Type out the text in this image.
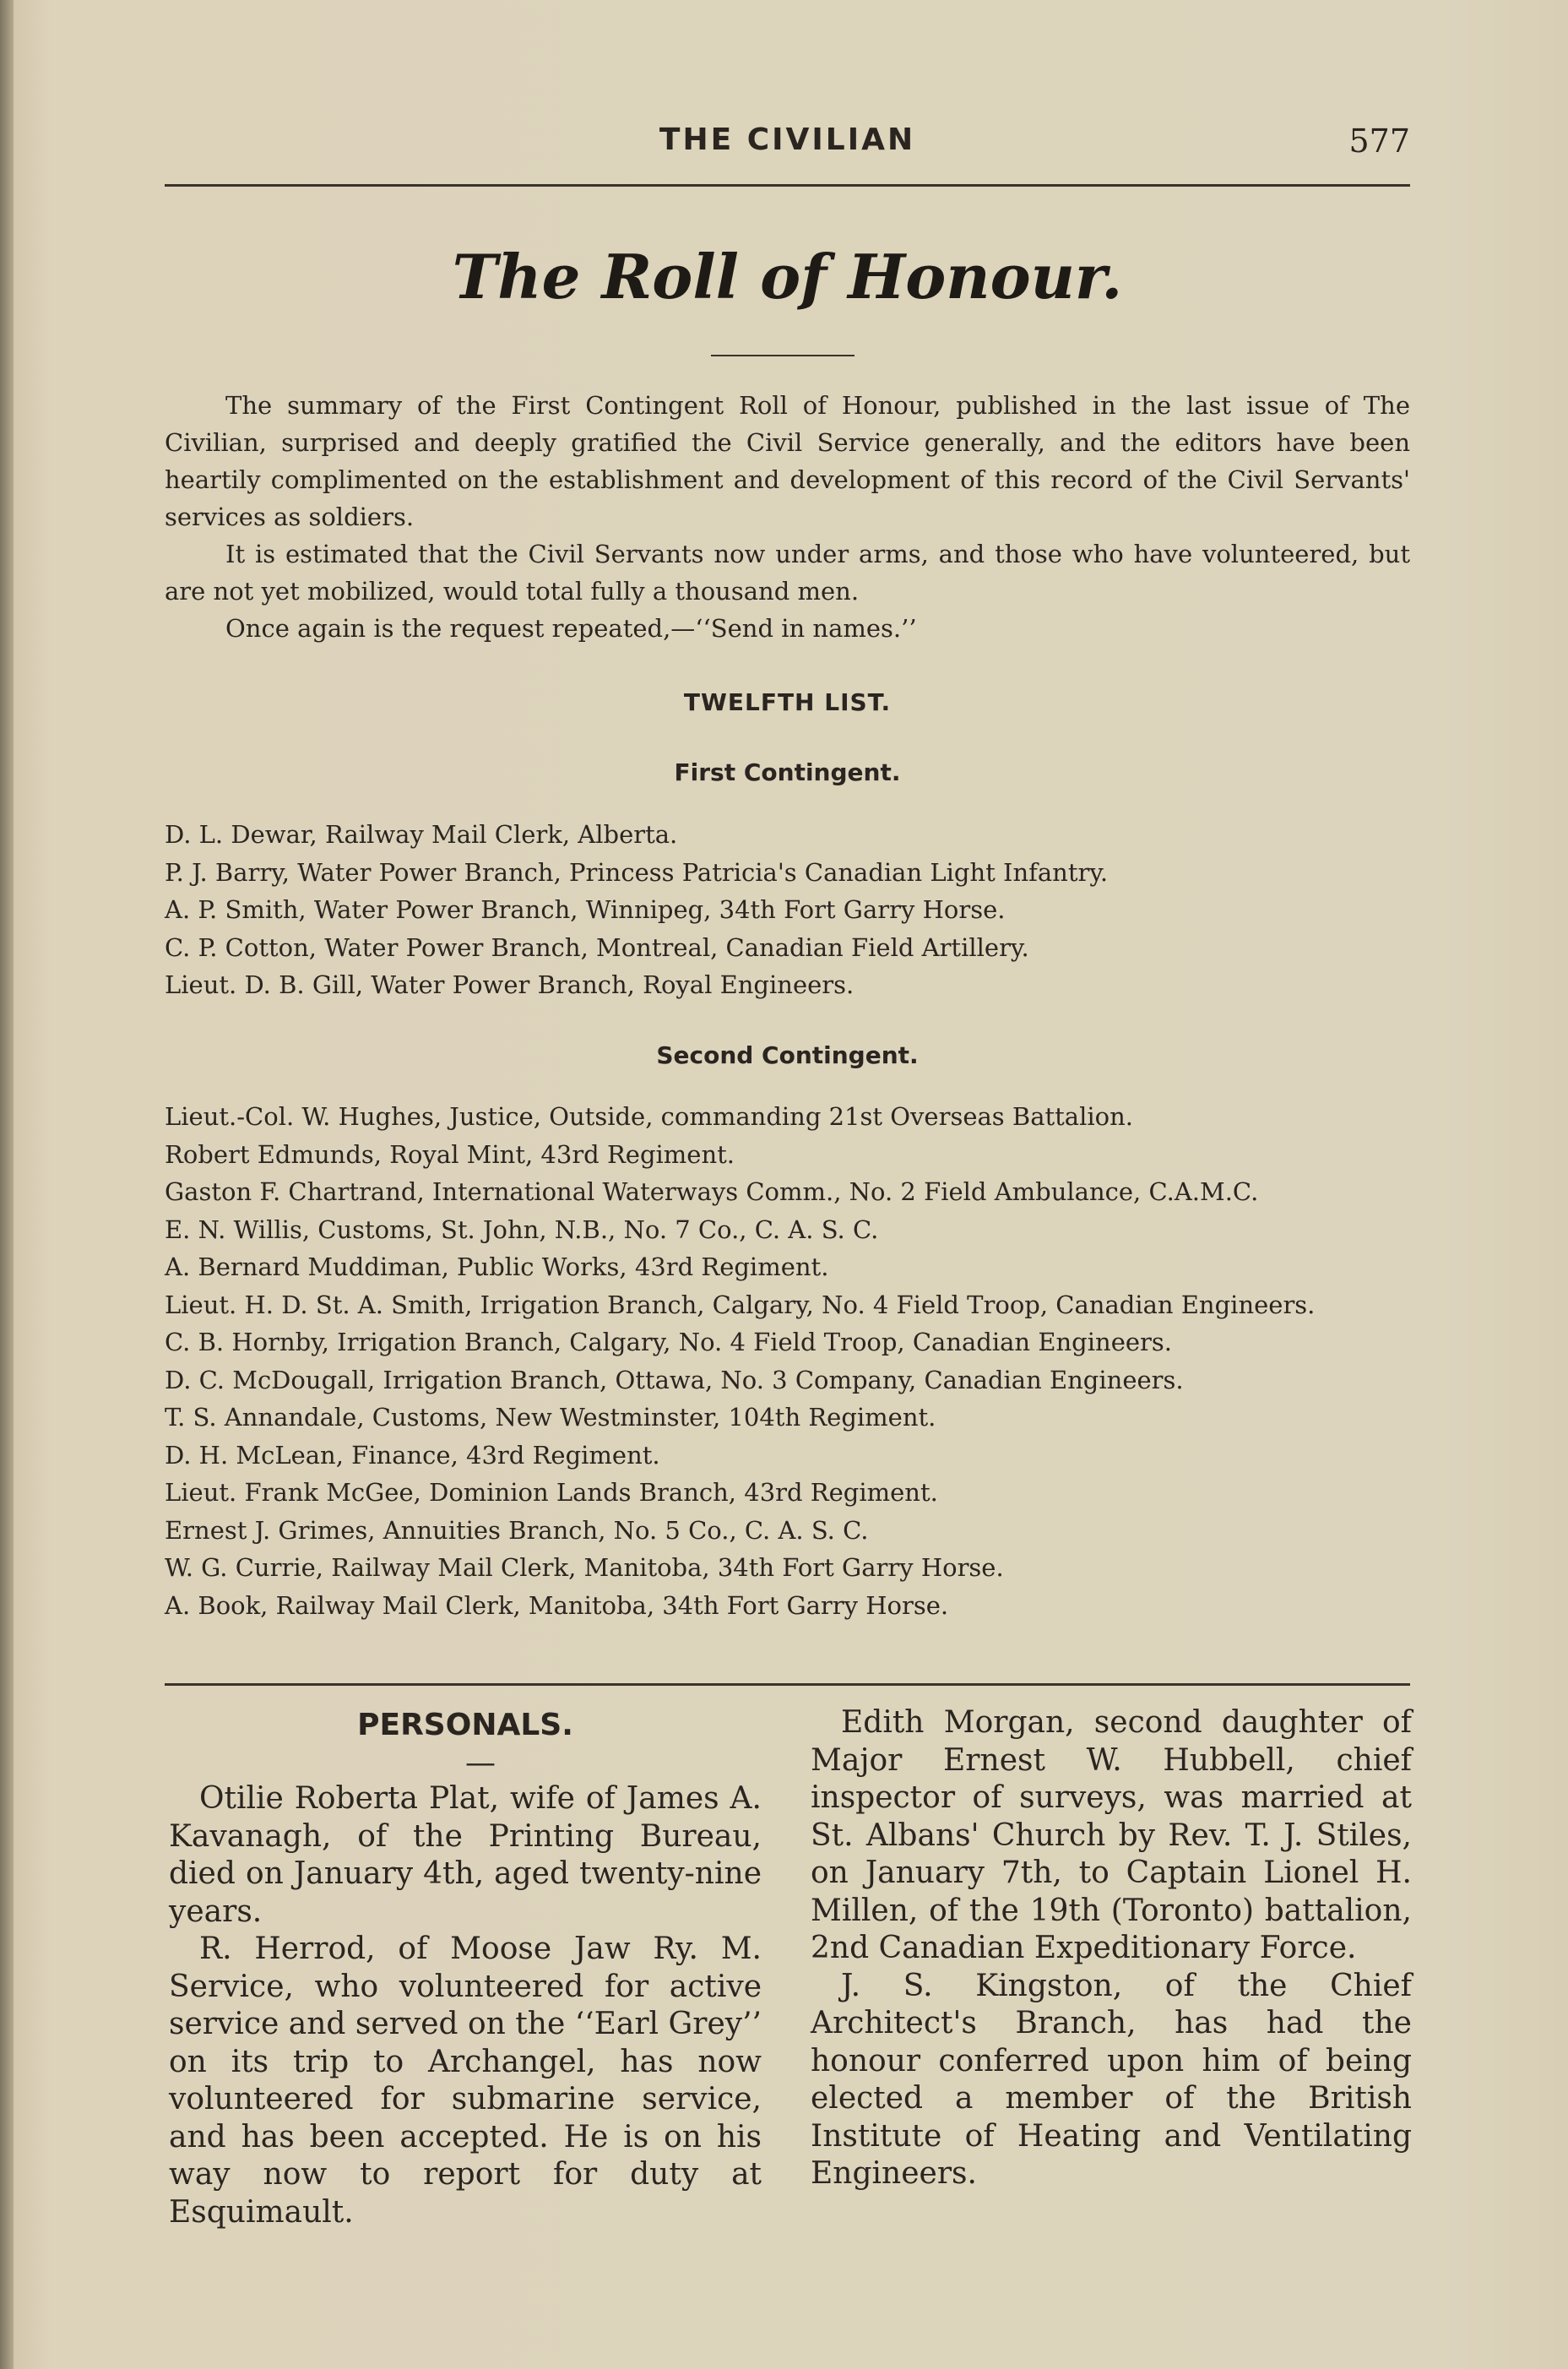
THE CIVILIAN	577
The Roll of Honour.

The summary of the First Contingent Roll of Honour, published in the last issue of The Civilian, surprised and deeply gratified the Civil Service generally, and the editors have been heartily complimented on the establishment and development of this record of the Civil Servants' services as soldiers.

It is estimated that the Civil Servants now under arms, and those who have volunteered, but are not yet mobilized, would total fully a thousand men.

Once again is the request repeated,—‘‘Send in names.’’

TWELFTH LIST.
First Contingent.
D. L. Dewar, Railway Mail Clerk, Alberta.
P. J. Barry, Water Power Branch, Princess Patricia's Canadian Light Infantry.
A. P. Smith, Water Power Branch, Winnipeg, 34th Fort Garry Horse.
C. P. Cotton, Water Power Branch, Montreal, Canadian Field Artillery.
Lieut. D. B. Gill, Water Power Branch, Royal Engineers.
Second Contingent.
Lieut.-Col. W. Hughes, Justice, Outside, commanding 21st Overseas Battalion.
Robert Edmunds, Royal Mint, 43rd Regiment.
Gaston F. Chartrand, International Waterways Comm., No. 2 Field Ambulance, C.A.M.C.
E. N. Willis, Customs, St. John, N.B., No. 7 Co., C. A. S. C.
A. Bernard Muddiman, Public Works, 43rd Regiment.
Lieut. H. D. St. A. Smith, Irrigation Branch, Calgary, No. 4 Field Troop, Canadian Engineers.
C. B. Hornby, Irrigation Branch, Calgary, No. 4 Field Troop, Canadian Engineers.
D. C. McDougall, Irrigation Branch, Ottawa, No. 3 Company, Canadian Engineers.
T. S. Annandale, Customs, New Westminster, 104th Regiment.
D. H. McLean, Finance, 43rd Regiment.
Lieut. Frank McGee, Dominion Lands Branch, 43rd Regiment.
Ernest J. Grimes, Annuities Branch, No. 5 Co., C. A. S. C.
W. G. Currie, Railway Mail Clerk, Manitoba, 34th Fort Garry Horse.
A. Book, Railway Mail Clerk, Manitoba, 34th Fort Garry Horse.
PERSONALS.

—

Otilie Roberta Plat, wife of James A. Kavanagh, of the Printing Bureau, died on January 4th, aged twenty-nine years.

R. Herrod, of Moose Jaw Ry. M. Service, who volunteered for active service and served on the ‘‘Earl Grey’’ on its trip to Archangel, has now volunteered for submarine service, and has been accepted. He is on his way now to report for duty at Esquimault.

Edith Morgan, second daughter of Major Ernest W. Hubbell, chief inspector of surveys, was married at St. Albans' Church by Rev. T. J. Stiles, on January 7th, to Captain Lionel H. Millen, of the 19th (Toronto) battalion, 2nd Canadian Expeditionary Force.

J. S. Kingston, of the Chief Architect's Branch, has had the honour conferred upon him of being elected a member of the British Institute of Heating and Ventilating Engineers.
